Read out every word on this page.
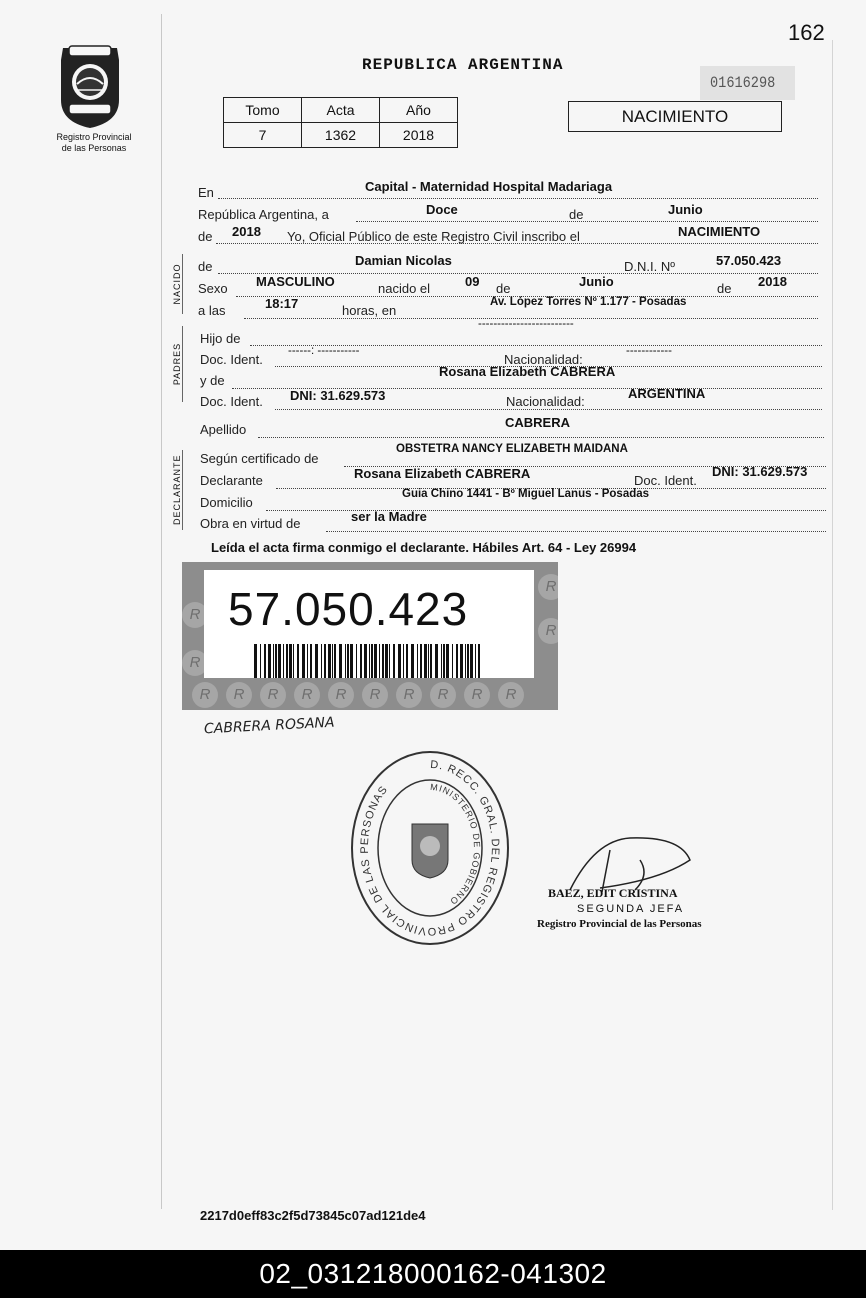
162
Registro Provincial
de las Personas
REPUBLICA ARGENTINA
01616298
Tomo	Acta	Año
7	1362	2018
NACIMIENTO
En	Capital - Maternidad Hospital Madariaga
República Argentina, a	Doce	de	Junio
de 2018 Yo, Oficial Público de este Registro Civil inscribo el	NACIMIENTO
NACIDO de	Damian Nicolas	D.N.I. Nº	57.050.423
Sexo MASCULINO	nacido el	09 de	Junio	de 2018
a las	18:17	horas, en
Av. López Torres Nº 1.177 - Posadas
PADRES
Hijo de
-------------------------
Doc. Ident.
------: -----------
Nacionalidad:
------------
y de
Rosana Elizabeth CABRERA
Doc. Ident. DNI: 31.629.573	Nacionalidad:
ARGENTINA
Apellido	CABRERA
DECLARANTE Según certificado de
OBSTETRA NANCY ELIZABETH MAIDANA
Declarante	Rosana Elizabeth CABRERA	Doc. Ident.
DNI: 31.629.573
Domicilio
Guia Chino 1441 - Bº Miguel Lanus - Posadas
Obra en virtud de	ser la Madre
Leída el acta firma conmigo el declarante. Hábiles Art. 64 - Ley 26994
R
R
R
R
R	R	R	R	R	R	R	R	R	R
57.050.423
CABRERA ROSANA
D. RECC. GRAL. DEL REGISTRO PROVINCIAL DE LAS PERSONAS	MINISTERIO DE GOBIERNO
BAEZ, EDIT CRISTINA
SEGUNDA JEFA
Registro Provincial de las Personas
2217d0eff83c2f5d73845c07ad121de4
02_031218000162-041302
